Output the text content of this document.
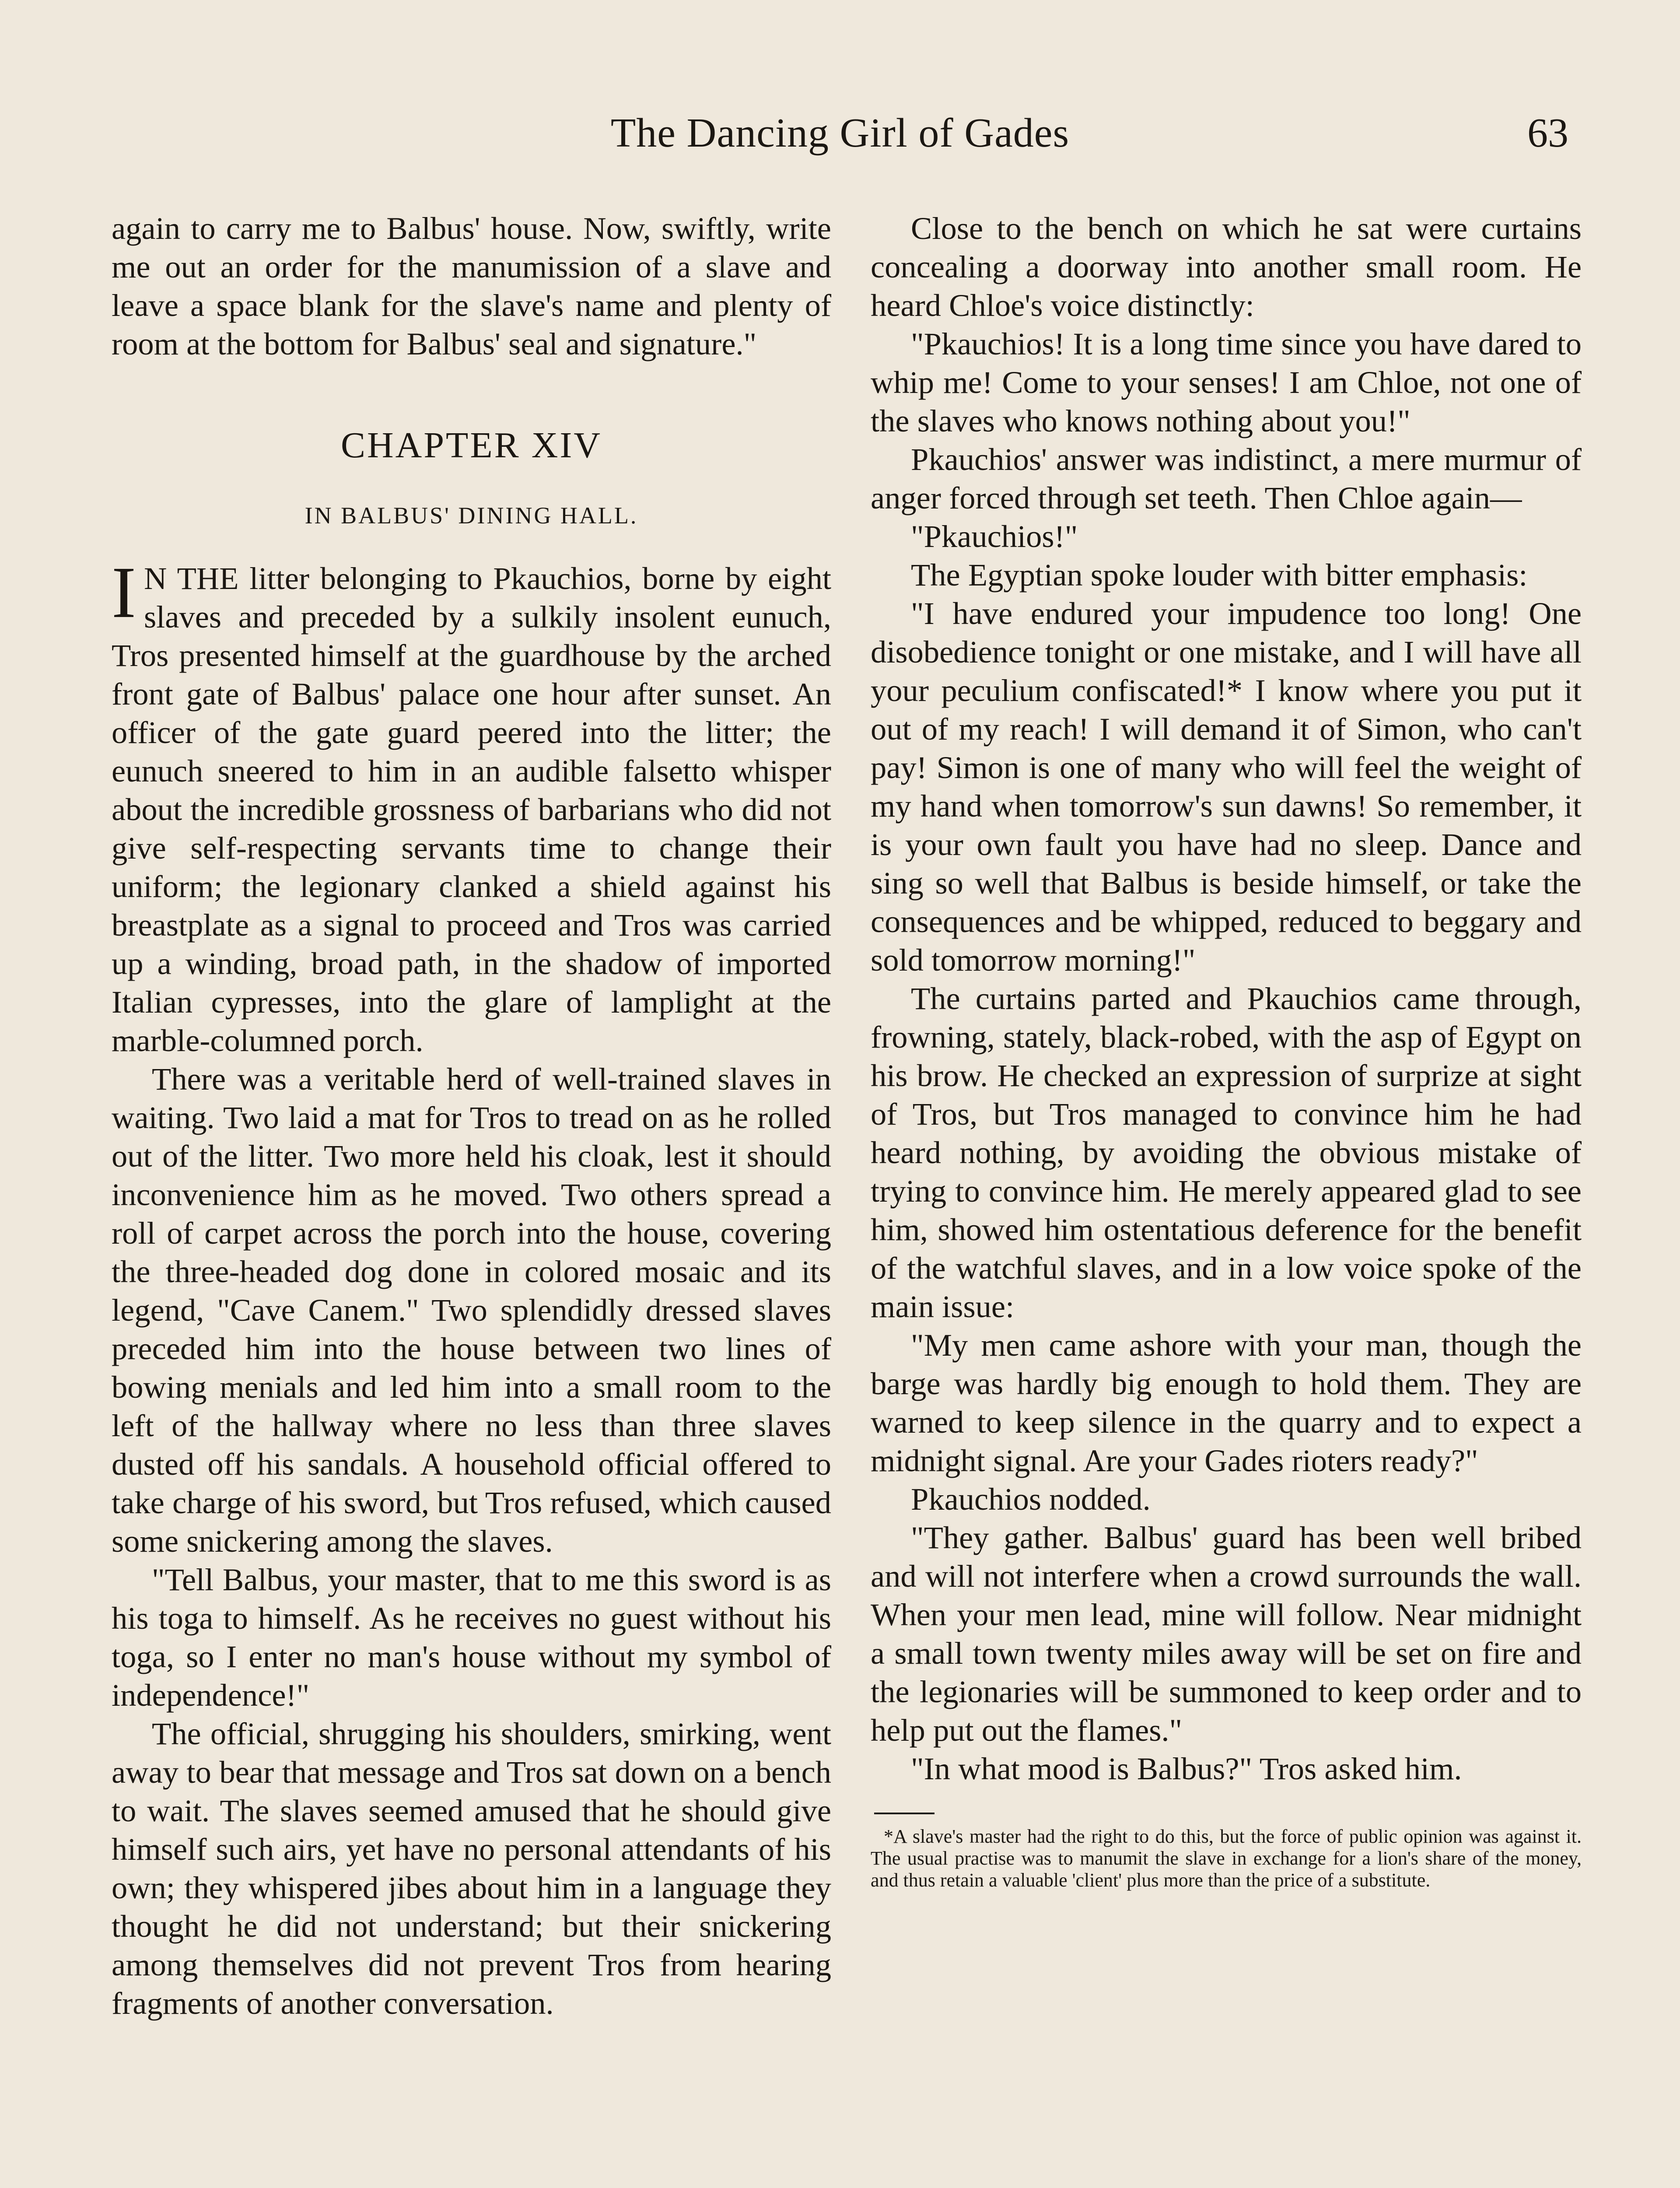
The Dancing Girl of Gades	63

again to carry me to Balbus' house. Now, swiftly, write me out an order for the manumission of a slave and leave a space blank for the slave's name and plenty of room at the bottom for Balbus' seal and signature."

CHAPTER XIV
IN BALBUS' DINING HALL.

I N THE litter belonging to Pkauchios, borne by eight slaves and preceded by a sulkily insolent eunuch, Tros presented himself at the guardhouse by the arched front gate of Balbus' palace one hour after sunset. An officer of the gate guard peered into the litter; the eunuch sneered to him in an audible falsetto whisper about the incredible grossness of barbarians who did not give self-respecting servants time to change their uniform; the legionary clanked a shield against his breastplate as a signal to proceed and Tros was carried up a winding, broad path, in the shadow of imported Italian cypresses, into the glare of lamplight at the marble-columned porch.

There was a veritable herd of well-trained slaves in waiting. Two laid a mat for Tros to tread on as he rolled out of the litter. Two more held his cloak, lest it should inconvenience him as he moved. Two others spread a roll of carpet across the porch into the house, covering the three-headed dog done in colored mosaic and its legend, "Cave Canem." Two splendidly dressed slaves preceded him into the house between two lines of bowing menials and led him into a small room to the left of the hallway where no less than three slaves dusted off his sandals. A household official offered to take charge of his sword, but Tros refused, which caused some snickering among the slaves.

"Tell Balbus, your master, that to me this sword is as his toga to himself. As he receives no guest without his toga, so I enter no man's house without my symbol of independence!"

The official, shrugging his shoulders, smirking, went away to bear that message and Tros sat down on a bench to wait. The slaves seemed amused that he should give himself such airs, yet have no personal attendants of his own; they whispered jibes about him in a language they thought he did not understand; but their snickering among themselves did not prevent Tros from hearing fragments of another conversation.

Close to the bench on which he sat were curtains concealing a doorway into another small room. He heard Chloe's voice distinctly:

"Pkauchios! It is a long time since you have dared to whip me! Come to your senses! I am Chloe, not one of the slaves who knows nothing about you!"

Pkauchios' answer was indistinct, a mere murmur of anger forced through set teeth. Then Chloe again—

"Pkauchios!"

The Egyptian spoke louder with bitter emphasis:

"I have endured your impudence too long! One disobedience tonight or one mistake, and I will have all your peculium confiscated!* I know where you put it out of my reach! I will demand it of Simon, who can't pay! Simon is one of many who will feel the weight of my hand when tomorrow's sun dawns! So remember, it is your own fault you have had no sleep. Dance and sing so well that Balbus is beside himself, or take the consequences and be whipped, reduced to beggary and sold tomorrow morning!"

The curtains parted and Pkauchios came through, frowning, stately, black-robed, with the asp of Egypt on his brow. He checked an expression of surprize at sight of Tros, but Tros managed to convince him he had heard nothing, by avoiding the obvious mistake of trying to convince him. He merely appeared glad to see him, showed him ostentatious deference for the benefit of the watchful slaves, and in a low voice spoke of the main issue:

"My men came ashore with your man, though the barge was hardly big enough to hold them. They are warned to keep silence in the quarry and to expect a midnight signal. Are your Gades rioters ready?"

Pkauchios nodded.

"They gather. Balbus' guard has been well bribed and will not interfere when a crowd surrounds the wall. When your men lead, mine will follow. Near midnight a small town twenty miles away will be set on fire and the legionaries will be summoned to keep order and to help put out the flames."

"In what mood is Balbus?" Tros asked him.

*A slave's master had the right to do this, but the force of public opinion was against it. The usual practise was to manumit the slave in exchange for a lion's share of the money, and thus retain a valuable 'client' plus more than the price of a substitute.
